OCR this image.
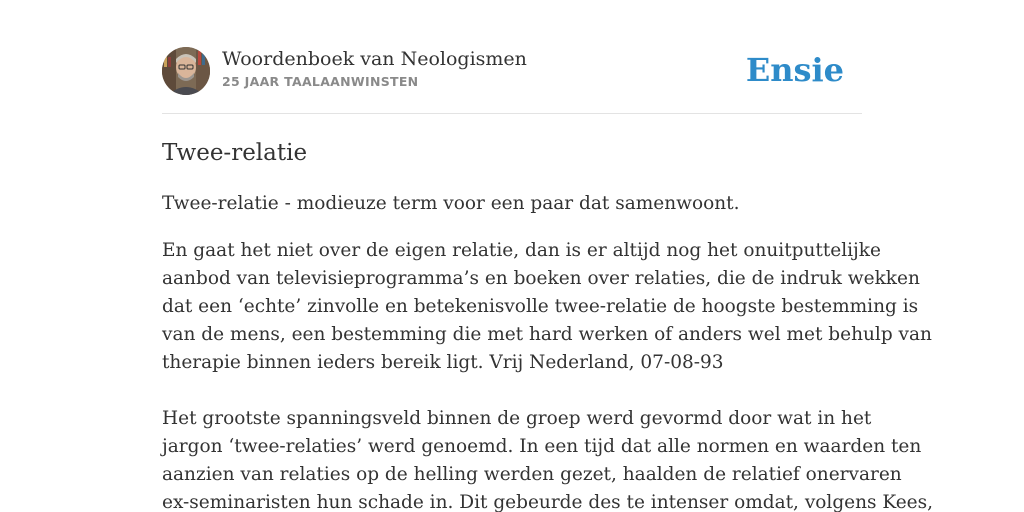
Woordenboek van Neologismen
25 JAAR TAALAANWINSTEN	Ensie
Twee-relatie
Twee-relatie - modieuze term voor een paar dat samenwoont.
En gaat het niet over de eigen relatie, dan is er altijd nog het onuitputtelijke
aanbod van televisieprogramma’s en boeken over relaties, die de indruk wekken
dat een ‘echte’ zinvolle en betekenisvolle twee-relatie de hoogste bestemming is
van de mens, een bestemming die met hard werken of anders wel met behulp van
therapie binnen ieders bereik ligt. Vrij Nederland, 07-08-93
Het grootste spanningsveld binnen de groep werd gevormd door wat in het
jargon ‘twee-relaties’ werd genoemd. In een tijd dat alle normen en waarden ten
aanzien van relaties op de helling werden gezet, haalden de relatief onervaren
ex-seminaristen hun schade in. Dit gebeurde des te intenser omdat, volgens Kees,
